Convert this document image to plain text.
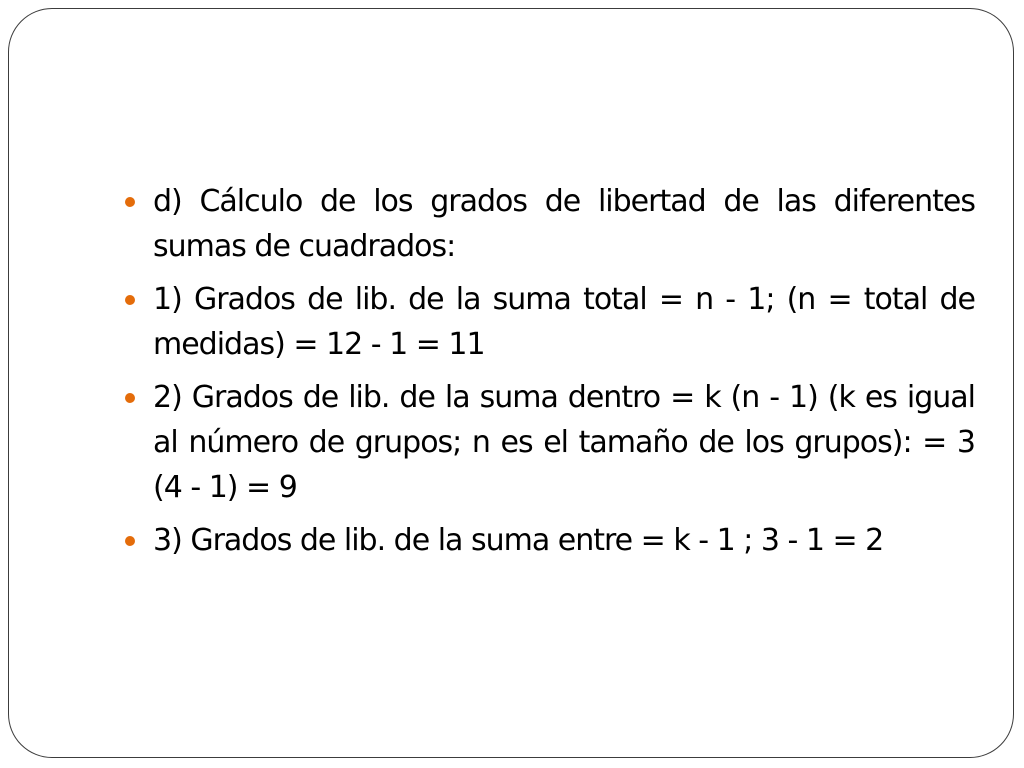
d) Cálculo de los grados de libertad de las diferentes sumas de cuadrados:
1) Grados de lib. de la suma total = n - 1; (n = total de medidas) = 12 - 1 = 11
2) Grados de lib. de la suma dentro = k (n - 1) (k es igual al número de grupos; n es el tamaño de los grupos): = 3 (4 - 1) = 9
3) Grados de lib. de la suma entre = k - 1 ; 3 - 1 = 2
